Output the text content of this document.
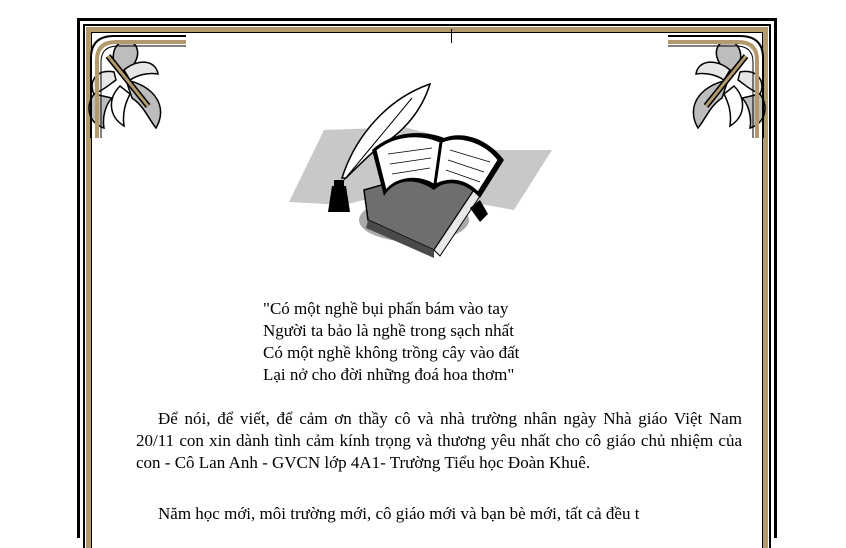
"Có một nghề bụi phấn bám vào tay
Người ta bảo là nghề trong sạch nhất
Có một nghề không trồng cây vào đất
Lại nở cho đời những đoá hoa thơm"

Để nói, để viết, để cảm ơn thầy cô và nhà trường nhân ngày Nhà giáo Việt Nam 20/11 con xin dành tình cảm kính trọng và thương yêu nhất cho cô giáo chủ nhiệm của con - Cô Lan Anh - GVCN lớp 4A1- Trường Tiểu học Đoàn Khuê.

Năm học mới, môi trường mới, cô giáo mới và bạn bè mới, tất cả đều t
